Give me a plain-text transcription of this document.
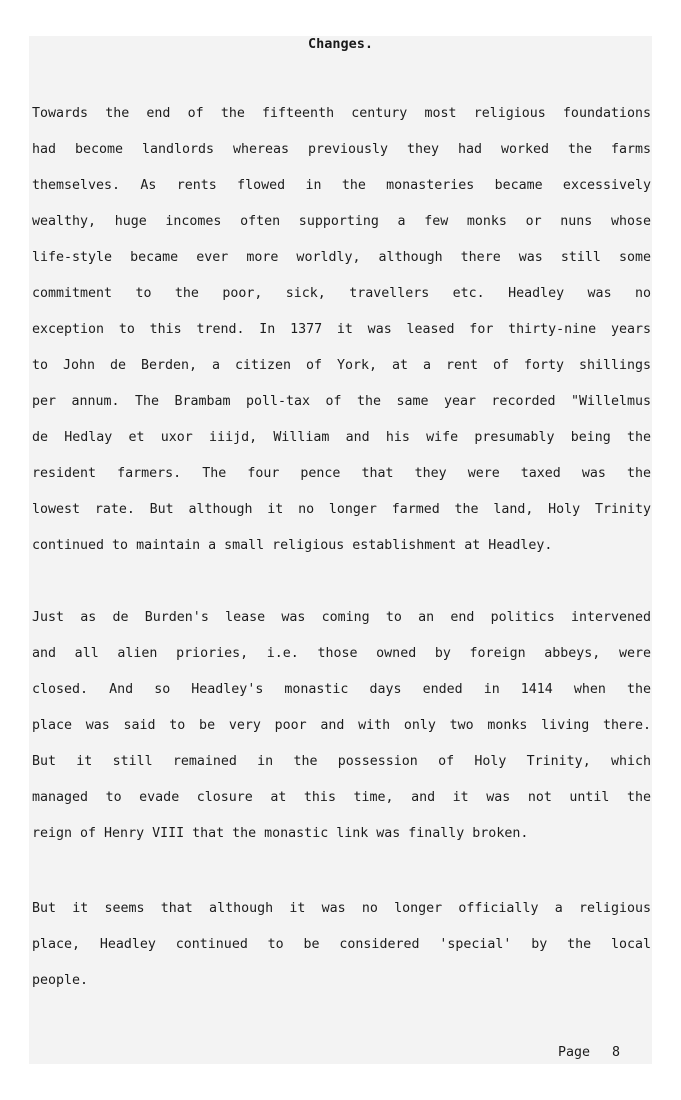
Changes.
Towards the end of the fifteenth century most religious foundations
had become landlords whereas previously they had worked the farms
themselves. As rents flowed in the monasteries became excessively
wealthy, huge incomes often supporting a few monks or nuns whose
life-style became ever more worldly, although there was still some
commitment to the poor, sick, travellers etc. Headley was no
exception to this trend. In 1377 it was leased for thirty-nine years
to John de Berden, a citizen of York, at a rent of forty shillings
per annum. The Brambam poll-tax of the same year recorded "Willelmus
de Hedlay et uxor iiijd, William and his wife presumably being the
resident farmers. The four pence that they were taxed was the
lowest rate. But although it no longer farmed the land, Holy Trinity
continued to maintain a small religious establishment at Headley.
Just as de Burden's lease was coming to an end politics intervened
and all alien priories, i.e. those owned by foreign abbeys, were
closed. And so Headley's monastic days ended in 1414 when the
place was said to be very poor and with only two monks living there.
But it still remained in the possession of Holy Trinity, which
managed to evade closure at this time, and it was not until the
reign of Henry VIII that the monastic link was finally broken.
But it seems that although it was no longer officially a religious
place, Headley continued to be considered 'special' by the local
people.
Page 8
